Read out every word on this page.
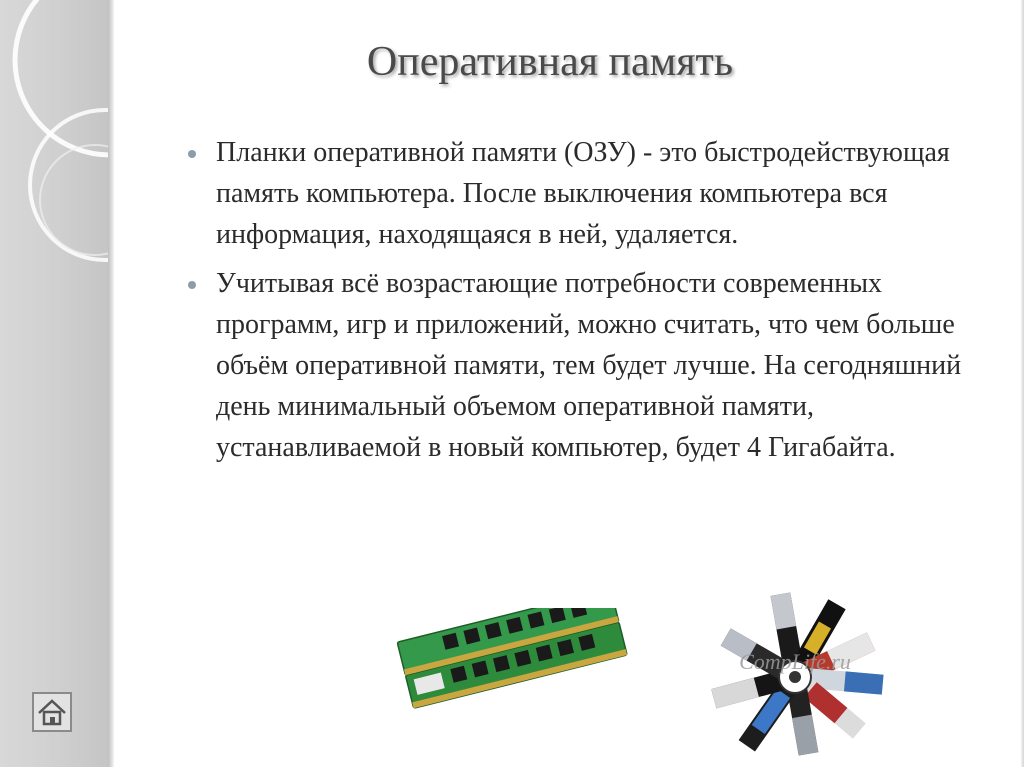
Оперативная память
Планки оперативной памяти (ОЗУ) - это быстродействующая память компьютера. После выключения компьютера вся информация, находящаяся в ней, удаляется.
Учитывая всё возрастающие потребности современных программ, игр и приложений, можно считать, что чем больше объём оперативной памяти, тем будет лучше. На сегодняшний день минимальный объемом оперативной памяти, устанавливаемой в новый компьютер, будет 4 Гигабайта.
CompLife.ru
